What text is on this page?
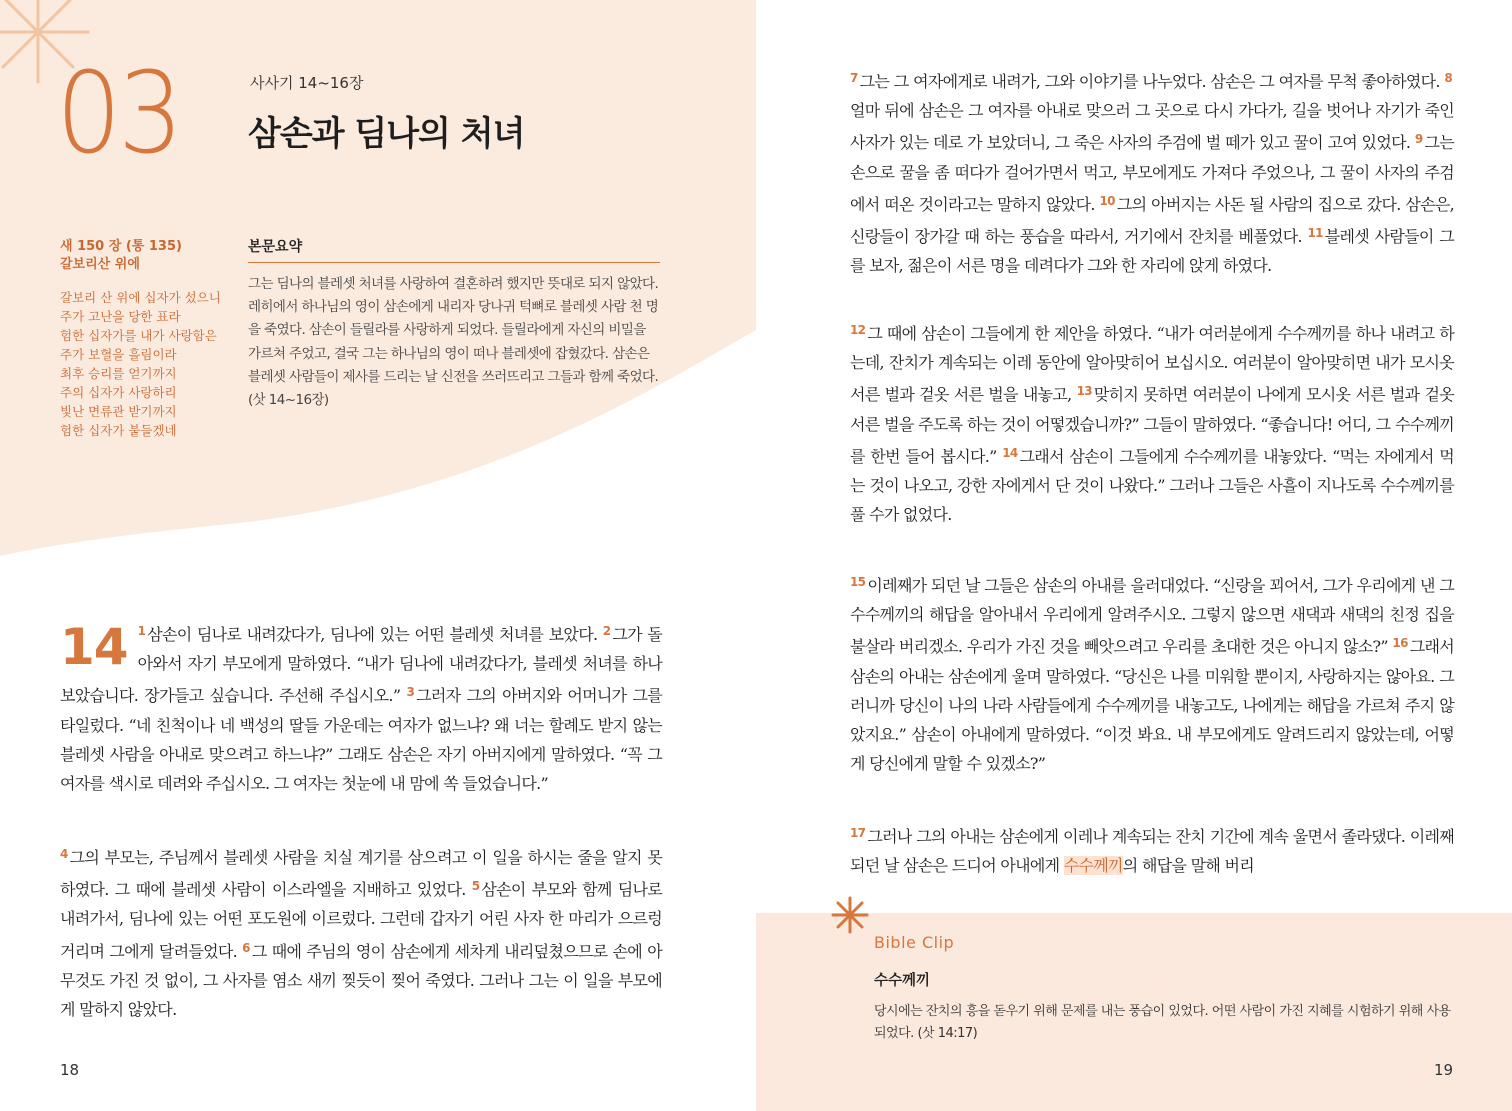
03	사사기 14~16장
삼손과 딤나의 처녀
새 150 장 (통 135)
갈보리산 위에
갈보리 산 위에 십자가 섰으니
주가 고난을 당한 표라
험한 십자가를 내가 사랑함은
주가 보혈을 흘림이라
최후 승리를 얻기까지
주의 십자가 사랑하리
빛난 면류관 받기까지
험한 십자가 붙들겠네
본문요약
그는 딤나의 블레셋 처녀를 사랑하여 결혼하려 했지만 뜻대로 되지 않았다. 레히에서 하나님의 영이 삼손에게 내리자 당나귀 턱뼈로 블레셋 사람 천 명을 죽였다. 삼손이 들릴라를 사랑하게 되었다. 들릴라에게 자신의 비밀을 가르쳐 주었고, 결국 그는 하나님의 영이 떠나 블레셋에 잡혔갔다. 삼손은 블레셋 사람들이 제사를 드리는 날 신전을 쓰러뜨리고 그들과 함께 죽었다. (삿 14~16장)
14 $^1$ 삼손이 딤나로 내려갔다가, 딤나에 있는 어떤 블레셋 처녀를 보았다. $^2$ 그가 돌아와서 자기 부모에게 말하였다. “내가 딤나에 내려갔다가, 블레셋 처녀를 하나 보았습니다. 장가들고 싶습니다. 주선해 주십시오.” $^3$ 그러자 그의 아버지와 어머니가 그를 타일렀다. “네 친척이나 네 백성의 딸들 가운데는 여자가 없느냐? 왜 너는 할례도 받지 않는 블레셋 사람을 아내로 맞으려고 하느냐?” 그래도 삼손은 자기 아버지에게 말하였다. “꼭 그 여자를 색시로 데려와 주십시오. 그 여자는 첫눈에 내 맘에 쏙 들었습니다.”
$^4$ 그의 부모는, 주님께서 블레셋 사람을 치실 계기를 삼으려고 이 일을 하시는 줄을 알지 못하였다. 그 때에 블레셋 사람이 이스라엘을 지배하고 있었다. $^5$ 삼손이 부모와 함께 딤나로 내려가서, 딤나에 있는 어떤 포도원에 이르렀다. 그런데 갑자기 어린 사자 한 마리가 으르렁거리며 그에게 달려들었다. $^6$ 그 때에 주님의 영이 삼손에게 세차게 내리덮쳤으므로 손에 아무것도 가진 것 없이, 그 사자를 염소 새끼 찢듯이 찢어 죽였다. 그러나 그는 이 일을 부모에게 말하지 않았다.
18
$^7$ 그는 그 여자에게로 내려가, 그와 이야기를 나누었다. 삼손은 그 여자를 무척 좋아하였다. $^8$얼마 뒤에 삼손은 그 여자를 아내로 맞으러 그 곳으로 다시 가다가, 길을 벗어나 자기가 죽인 사자가 있는 데로 가 보았더니, 그 죽은 사자의 주검에 벌 떼가 있고 꿀이 고여 있었다. $^9$ 그는 손으로 꿀을 좀 떠다가 걸어가면서 먹고, 부모에게도 가져다 주었으나, 그 꿀이 사자의 주검에서 떠온 것이라고는 말하지 않았다. $^{10}$ 그의 아버지는 사돈 될 사람의 집으로 갔다. 삼손은, 신랑들이 장가갈 때 하는 풍습을 따라서, 거기에서 잔치를 베풀었다. $^{11}$ 블레셋 사람들이 그를 보자, 젊은이 서른 명을 데려다가 그와 한 자리에 앉게 하였다.
$^{12}$ 그 때에 삼손이 그들에게 한 제안을 하였다. “내가 여러분에게 수수께끼를 하나 내려고 하는데, 잔치가 계속되는 이레 동안에 알아맞히어 보십시오. 여러분이 알아맞히면 내가 모시옷 서른 벌과 겉옷 서른 벌을 내놓고, $^{13}$ 맞히지 못하면 여러분이 나에게 모시옷 서른 벌과 겉옷 서른 벌을 주도록 하는 것이 어떻겠습니까?” 그들이 말하였다. “좋습니다! 어디, 그 수수께끼를 한번 들어 봅시다.” $^{14}$ 그래서 삼손이 그들에게 수수께끼를 내놓았다. “먹는 자에게서 먹는 것이 나오고, 강한 자에게서 단 것이 나왔다.” 그러나 그들은 사흘이 지나도록 수수께끼를 풀 수가 없었다.
$^{15}$ 이레째가 되던 날 그들은 삼손의 아내를 을러대었다. “신랑을 꾀어서, 그가 우리에게 낸 그 수수께끼의 해답을 알아내서 우리에게 알려주시오. 그렇지 않으면 새댁과 새댁의 친정 집을 불살라 버리겠소. 우리가 가진 것을 빼앗으려고 우리를 초대한 것은 아니지 않소?” $^{16}$ 그래서 삼손의 아내는 삼손에게 울며 말하였다. “당신은 나를 미워할 뿐이지, 사랑하지는 않아요. 그러니까 당신이 나의 나라 사람들에게 수수께끼를 내놓고도, 나에게는 해답을 가르쳐 주지 않았지요.” 삼손이 아내에게 말하였다. “이것 봐요. 내 부모에게도 알려드리지 않았는데, 어떻게 당신에게 말할 수 있겠소?”
$^{17}$ 그러나 그의 아내는 삼손에게 이레나 계속되는 잔치 기간에 계속 울면서 졸라댔다. 이레째 되던 날 삼손은 드디어 아내에게 수수께끼의 해답을 말해 버리
Bible Clip
수수께끼
당시에는 잔치의 흥을 돋우기 위해 문제를 내는 풍습이 있었다. 어떤 사람이 가진 지혜를 시험하기 위해 사용되었다. (삿 14:17)
19
